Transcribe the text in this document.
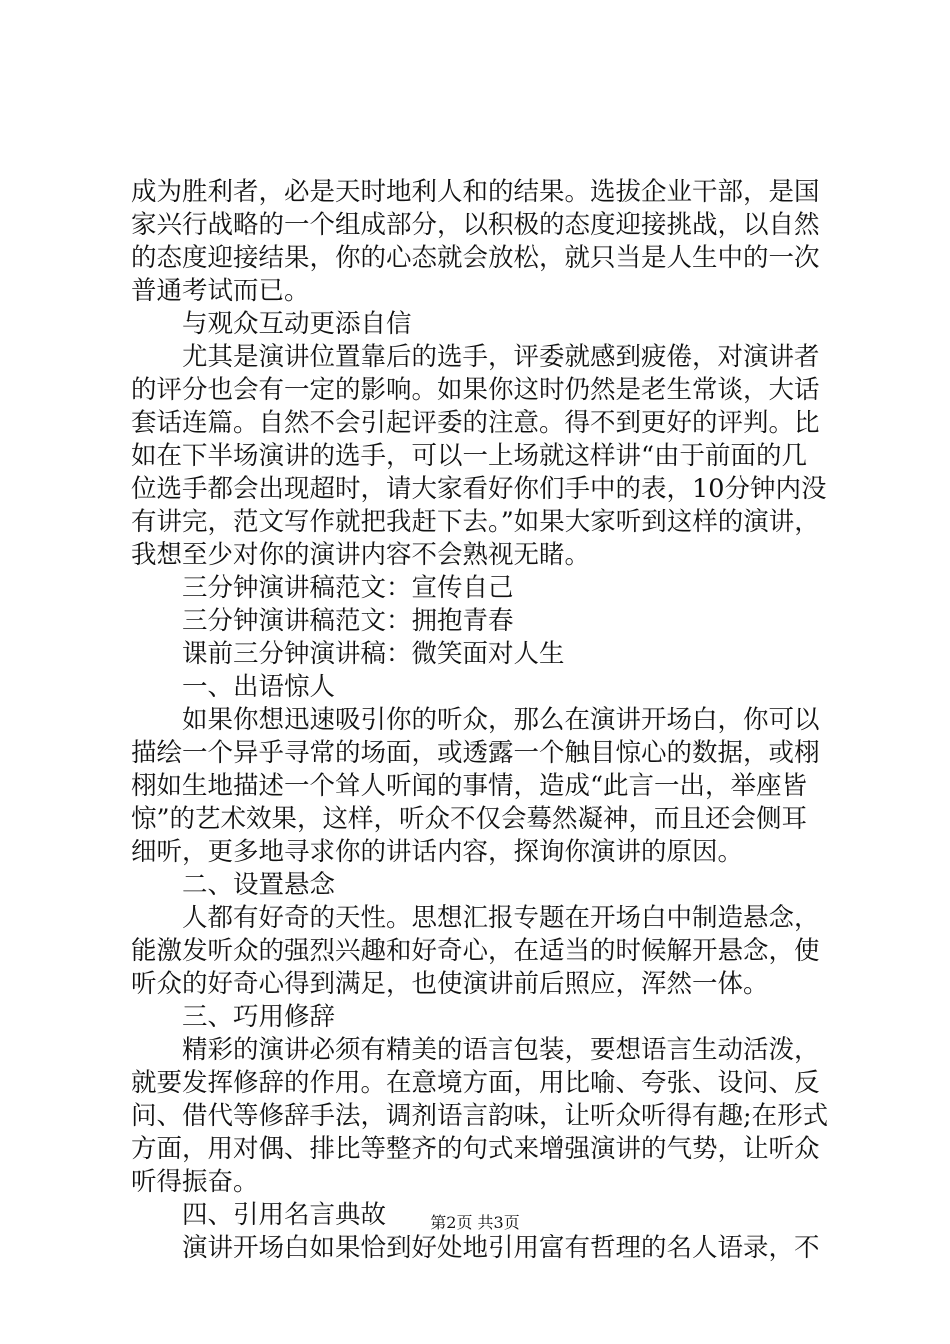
成为胜利者，必是天时地利人和的结果。选拔企业干部，是国
家兴行战略的一个组成部分，以积极的态度迎接挑战，以自然
的态度迎接结果，你的心态就会放松，就只当是人生中的一次
普通考试而已。
与观众互动更添自信
尤其是演讲位置靠后的选手，评委就感到疲倦，对演讲者
的评分也会有一定的影响。如果你这时仍然是老生常谈，大话
套话连篇。自然不会引起评委的注意。得不到更好的评判。比
如在下半场演讲的选手，可以一上场就这样讲“由于前面的几
位选手都会出现超时，请大家看好你们手中的表，10分钟内没
有讲完，范文写作就把我赶下去。”如果大家听到这样的演讲，
我想至少对你的演讲内容不会熟视无睹。
三分钟演讲稿范文：宣传自己
三分钟演讲稿范文：拥抱青春
课前三分钟演讲稿：微笑面对人生
一、出语惊人
如果你想迅速吸引你的听众，那么在演讲开场白，你可以
描绘一个异乎寻常的场面，或透露一个触目惊心的数据，或栩
栩如生地描述一个耸人听闻的事情，造成“此言一出，举座皆
惊”的艺术效果，这样，听众不仅会蓦然凝神，而且还会侧耳
细听，更多地寻求你的讲话内容，探询你演讲的原因。
二、设置悬念
人都有好奇的天性。思想汇报专题在开场白中制造悬念，
能激发听众的强烈兴趣和好奇心，在适当的时候解开悬念，使
听众的好奇心得到满足，也使演讲前后照应，浑然一体。
三、巧用修辞
精彩的演讲必须有精美的语言包装，要想语言生动活泼，
就要发挥修辞的作用。在意境方面，用比喻、夸张、设问、反
问、借代等修辞手法，调剂语言韵味，让听众听得有趣;在形式
方面，用对偶、排比等整齐的句式来增强演讲的气势，让听众
听得振奋。
四、引用名言典故
演讲开场白如果恰到好处地引用富有哲理的名人语录，不
第2页 共3页
